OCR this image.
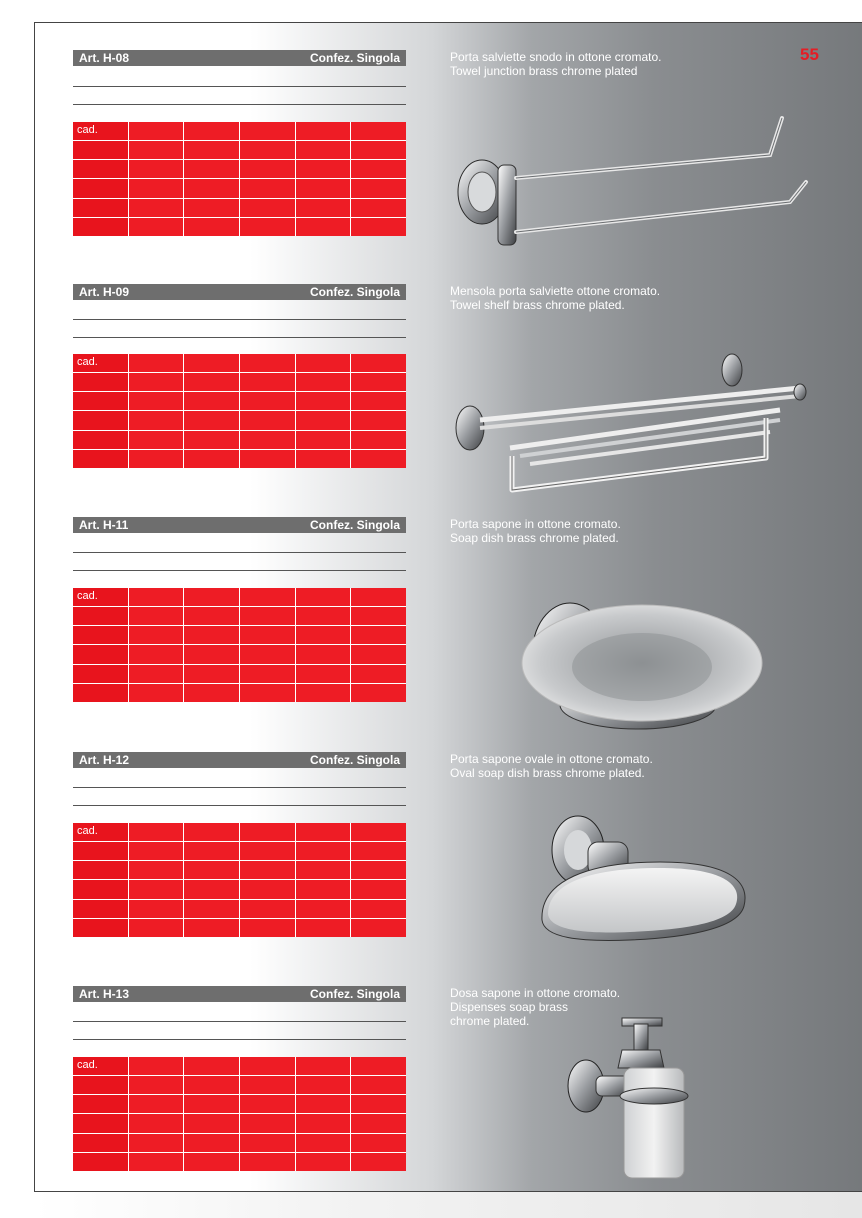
55
Art. H-08	Confez. Singola
cad.
Porta salviette snodo in ottone cromato.
Towel junction brass chrome plated
Art. H-09	Confez. Singola
cad.
Mensola porta salviette ottone cromato.
Towel shelf brass chrome plated.
Art. H-11	Confez. Singola
cad.
Porta sapone in ottone cromato.
Soap dish brass chrome plated.
Art. H-12	Confez. Singola
cad.
Porta sapone ovale in ottone cromato.
Oval soap dish brass chrome plated.
Art. H-13	Confez. Singola
cad.
Dosa sapone in ottone cromato.
Dispenses soap brass
chrome plated.
